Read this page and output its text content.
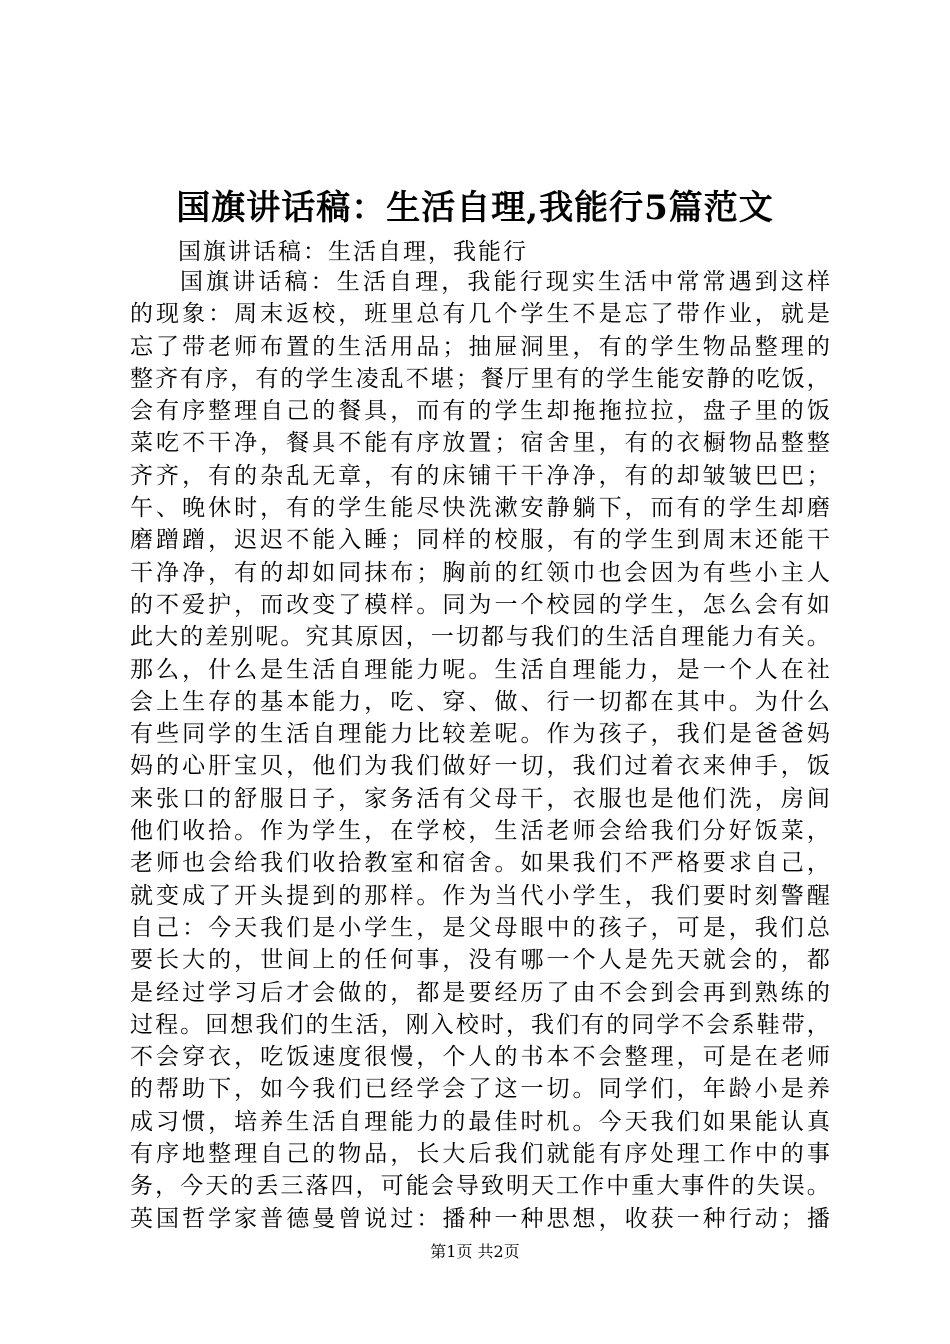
国旗讲话稿：生活自理,我能行5篇范文
国旗讲话稿：生活自理，我能行
国 旗 讲 话 稿 ： 生 活 自 理 ， 我 能 行 现 实 生 活 中 常 常 遇 到 这 样
的 现 象 ： 周 末 返 校 ， 班 里 总 有 几 个 学 生 不 是 忘 了 带 作 业 ， 就 是
忘 了 带 老 师 布 置 的 生 活 用 品 ； 抽 屉 洞 里 ， 有 的 学 生 物 品 整 理 的
整 齐 有 序 ， 有 的 学 生 凌 乱 不 堪 ； 餐 厅 里 有 的 学 生 能 安 静 的 吃 饭 ，
会 有 序 整 理 自 己 的 餐 具 ， 而 有 的 学 生 却 拖 拖 拉 拉 ， 盘 子 里 的 饭
菜 吃 不 干 净 ， 餐 具 不 能 有 序 放 置 ； 宿 舍 里 ， 有 的 衣 橱 物 品 整 整
齐 齐 ， 有 的 杂 乱 无 章 ， 有 的 床 铺 干 干 净 净 ， 有 的 却 皱 皱 巴 巴 ；
午 、 晚 休 时 ， 有 的 学 生 能 尽 快 洗 漱 安 静 躺 下 ， 而 有 的 学 生 却 磨
磨 蹭 蹭 ， 迟 迟 不 能 入 睡 ； 同 样 的 校 服 ， 有 的 学 生 到 周 末 还 能 干
干 净 净 ， 有 的 却 如 同 抹 布 ； 胸 前 的 红 领 巾 也 会 因 为 有 些 小 主 人
的 不 爱 护 ， 而 改 变 了 模 样 。 同 为 一 个 校 园 的 学 生 ， 怎 么 会 有 如
此 大 的 差 别 呢 。 究 其 原 因 ， 一 切 都 与 我 们 的 生 活 自 理 能 力 有 关 。
那 么 ， 什 么 是 生 活 自 理 能 力 呢 。 生 活 自 理 能 力 ， 是 一 个 人 在 社
会 上 生 存 的 基 本 能 力 ， 吃 、 穿 、 做 、 行 一 切 都 在 其 中 。 为 什 么
有 些 同 学 的 生 活 自 理 能 力 比 较 差 呢 。 作 为 孩 子 ， 我 们 是 爸 爸 妈
妈 的 心 肝 宝 贝 ， 他 们 为 我 们 做 好 一 切 ， 我 们 过 着 衣 来 伸 手 ， 饭
来 张 口 的 舒 服 日 子 ， 家 务 活 有 父 母 干 ， 衣 服 也 是 他 们 洗 ， 房 间
他 们 收 拾 。 作 为 学 生 ， 在 学 校 ， 生 活 老 师 会 给 我 们 分 好 饭 菜 ，
老 师 也 会 给 我 们 收 拾 教 室 和 宿 舍 。 如 果 我 们 不 严 格 要 求 自 己 ，
就 变 成 了 开 头 提 到 的 那 样 。 作 为 当 代 小 学 生 ， 我 们 要 时 刻 警 醒
自 己 ： 今 天 我 们 是 小 学 生 ， 是 父 母 眼 中 的 孩 子 ， 可 是 ， 我 们 总
要 长 大 的 ， 世 间 上 的 任 何 事 ， 没 有 哪 一 个 人 是 先 天 就 会 的 ， 都
是 经 过 学 习 后 才 会 做 的 ， 都 是 要 经 历 了 由 不 会 到 会 再 到 熟 练 的
过 程 。 回 想 我 们 的 生 活 ， 刚 入 校 时 ， 我 们 有 的 同 学 不 会 系 鞋 带 ，
不 会 穿 衣 ， 吃 饭 速 度 很 慢 ， 个 人 的 书 本 不 会 整 理 ， 可 是 在 老 师
的 帮 助 下 ， 如 今 我 们 已 经 学 会 了 这 一 切 。 同 学 们 ， 年 龄 小 是 养
成 习 惯 ， 培 养 生 活 自 理 能 力 的 最 佳 时 机 。 今 天 我 们 如 果 能 认 真
有 序 地 整 理 自 己 的 物 品 ， 长 大 后 我 们 就 能 有 序 处 理 工 作 中 的 事
务 ， 今 天 的 丢 三 落 四 ， 可 能 会 导 致 明 天 工 作 中 重 大 事 件 的 失 误 。
英 国 哲 学 家 普 德 曼 曾 说 过 ： 播 种 一 种 思 想 ， 收 获 一 种 行 动 ； 播
第1页 共2页
